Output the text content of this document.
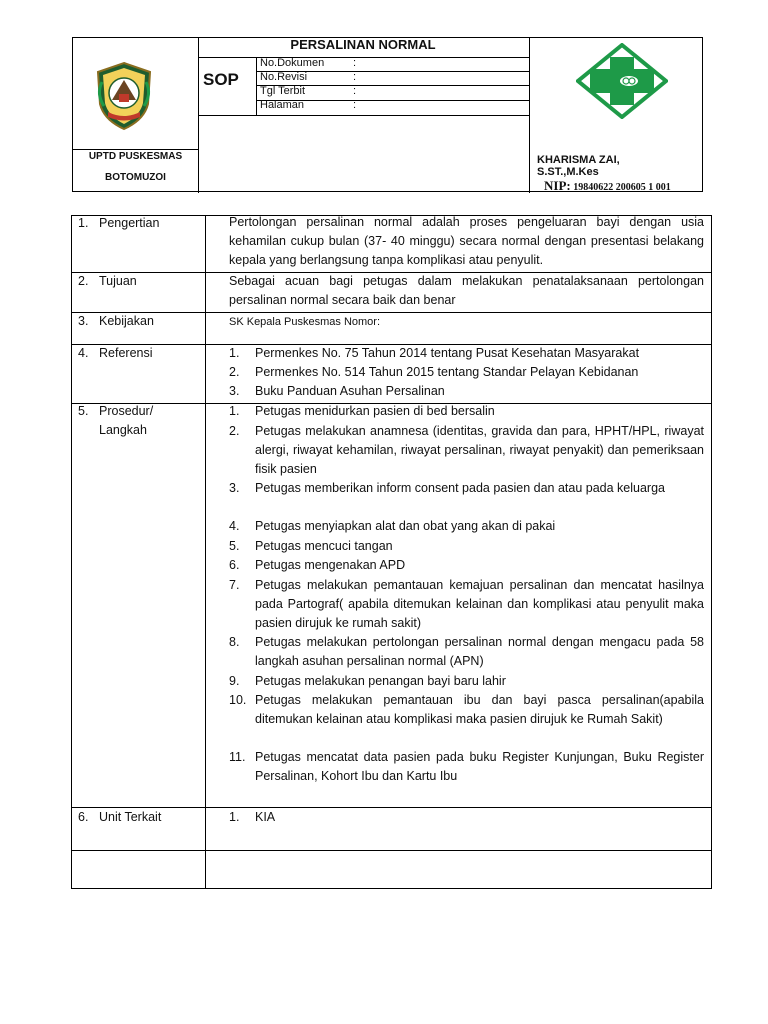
PERSALINAN NORMAL
SOP
No.Dokumen	:
No.Revisi	:
Tgl Terbit	:
Halaman	:
UPTD PUSKESMAS
BOTOMUZOI
KHARISMA ZAI,
S.ST.,M.Kes
NIP: 19840622 200605 1 001
1. Pengertian	Pertolongan persalinan normal adalah proses pengeluaran bayi dengan usia kehamilan cukup bulan (37- 40 minggu) secara normal dengan presentasi belakang kepala yang berlangsung tanpa komplikasi atau penyulit.
2. Tujuan	Sebagai acuan bagi petugas dalam melakukan penatalaksanaan pertolongan persalinan normal secara baik dan benar
3. Kebijakan	SK Kepala Puskesmas Nomor:
4. Referensi	1. Permenkes No. 75 Tahun 2014 tentang Pusat Kesehatan Masyarakat
2. Permenkes No. 514 Tahun 2015 tentang Standar Pelayan Kebidanan
3. Buku Panduan Asuhan Persalinan
5. Prosedur/
Langkah
1. Petugas menidurkan pasien di bed bersalin
2. Petugas melakukan anamnesa (identitas, gravida dan para, HPHT/HPL, riwayat alergi, riwayat kehamilan, riwayat persalinan, riwayat penyakit) dan pemeriksaan fisik pasien
3. Petugas memberikan inform consent pada pasien dan atau pada keluarga
4. Petugas menyiapkan alat dan obat yang akan di pakai
5. Petugas mencuci tangan
6. Petugas mengenakan APD
7. Petugas melakukan pemantauan kemajuan persalinan dan mencatat hasilnya pada Partograf( apabila ditemukan kelainan dan komplikasi atau penyulit maka pasien dirujuk ke rumah sakit)
8. Petugas melakukan pertolongan persalinan normal dengan mengacu pada 58 langkah asuhan persalinan normal (APN)
9. Petugas melakukan penangan bayi baru lahir
10. Petugas melakukan pemantauan ibu dan bayi pasca persalinan(apabila ditemukan kelainan atau komplikasi maka pasien dirujuk ke Rumah Sakit)
11. Petugas mencatat data pasien pada buku Register Kunjungan, Buku Register Persalinan, Kohort Ibu dan Kartu Ibu
6. Unit Terkait	1. KIA
